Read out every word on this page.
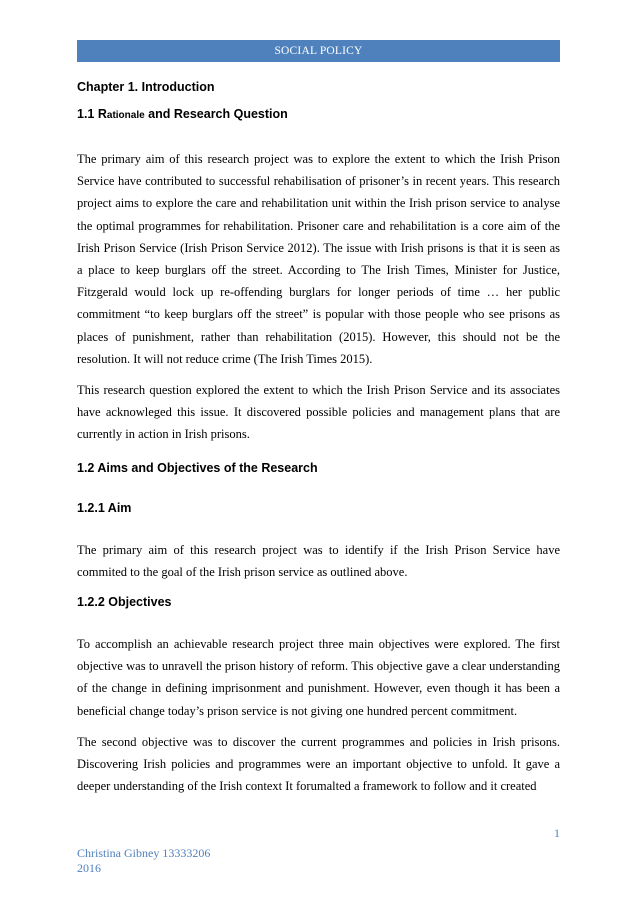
SOCIAL POLICY
Chapter 1. Introduction
1.1 Rationale and Research Question

The primary aim of this research project was to explore the extent to which the Irish Prison Service have contributed to successful rehabilisation of prisoner’s in recent years. This research project aims to explore the care and rehabilitation unit within the Irish prison service to analyse the optimal programmes for rehabilitation. Prisoner care and rehabilitation is a core aim of the Irish Prison Service (Irish Prison Service 2012). The issue with Irish prisons is that it is seen as a place to keep burglars off the street. According to The Irish Times, Minister for Justice, Fitzgerald would lock up re-offending burglars for longer periods of time … her public commitment “to keep burglars off the street” is popular with those people who see prisons as places of punishment, rather than rehabilitation (2015). However, this should not be the resolution. It will not reduce crime (The Irish Times 2015).

This research question explored the extent to which the Irish Prison Service and its associates have acknowleged this issue. It discovered possible policies and management plans that are currently in action in Irish prisons.

1.2 Aims and Objectives of the Research
1.2.1 Aim

The primary aim of this research project was to identify if the Irish Prison Service have commited to the goal of the Irish prison service as outlined above.

1.2.2 Objectives

To accomplish an achievable research project three main objectives were explored. The first objective was to unravell the prison history of reform. This objective gave a clear understanding of the change in defining imprisonment and punishment. However, even though it has been a beneficial change today’s prison service is not giving one hundred percent commitment.

The second objective was to discover the current programmes and policies in Irish prisons. Discovering Irish policies and programmes were an important objective to unfold. It gave a deeper understanding of the Irish context It forumalted a framework to follow and it created

1
Christina Gibney 13333206
2016
